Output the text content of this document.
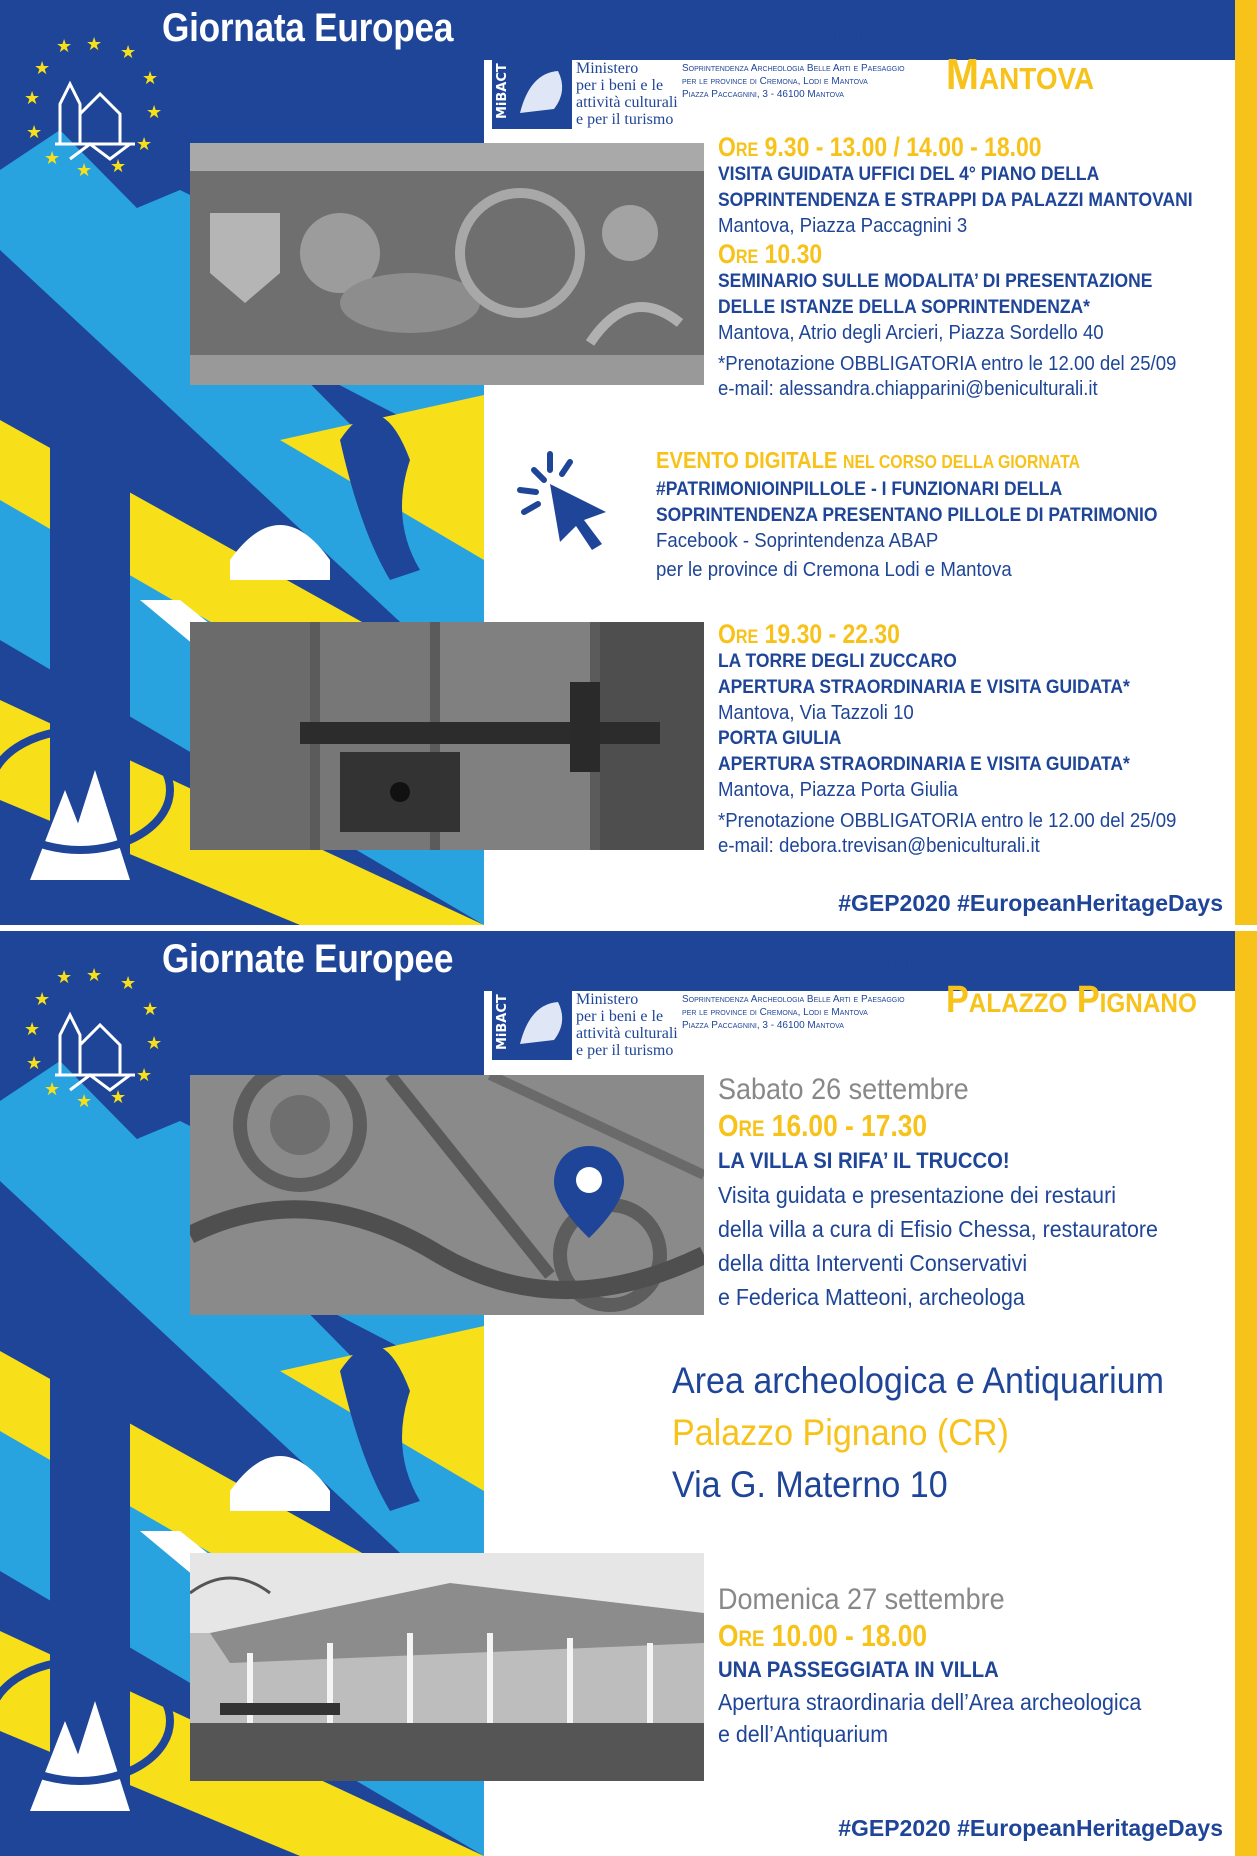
★ ★
★
★
★
★
★
★
★
★
★
★ Giornata Europeadel Patrimonio 26 settembre 2020
Mantova
MiBACT	Ministero
per i beni e le
attività culturali
e per il turismo
Soprintendenza Archeologia Belle Arti e Paesaggio
per le province di Cremona, Lodi e Mantova
Piazza Paccagnini, 3 - 46100 Mantova
Ore 9.30 - 13.00 / 14.00 - 18.00
VISITA GUIDATA UFFICI DEL 4° PIANO DELLA
SOPRINTENDENZA E STRAPPI DA PALAZZI MANTOVANI
Mantova, Piazza Paccagnini 3
Ore 10.30
SEMINARIO SULLE MODALITA’ DI PRESENTAZIONE
DELLE ISTANZE DELLA SOPRINTENDENZA*
Mantova, Atrio degli Arcieri, Piazza Sordello 40
*Prenotazione OBBLIGATORIA entro le 12.00 del 25/09
e-mail: alessandra.chiapparini@beniculturali.it
EVENTO DIGITALE NEL CORSO DELLA GIORNATA
#PATRIMONIOINPILLOLE - I FUNZIONARI DELLA
SOPRINTENDENZA PRESENTANO PILLOLE DI PATRIMONIO
Facebook - Soprintendenza ABAP
per le province di Cremona Lodi e Mantova
Ore 19.30 - 22.30
LA TORRE DEGLI ZUCCARO
APERTURA STRAORDINARIA E VISITA GUIDATA*
Mantova, Via Tazzoli 10
PORTA GIULIA
APERTURA STRAORDINARIA E VISITA GUIDATA*
Mantova, Piazza Porta Giulia
*Prenotazione OBBLIGATORIA entro le 12.00 del 25/09
e-mail: debora.trevisan@beniculturali.it
#GEP2020 #EuropeanHeritageDays
★ ★
★
★
★
★
★
★
★
★
★
★ Giornate Europeedel Patrimonio 26-27 settembre 2020
Palazzo Pignano
MiBACT	Ministero
per i beni e le
attività culturali
e per il turismo
Soprintendenza Archeologia Belle Arti e Paesaggio
per le province di Cremona, Lodi e Mantova
Piazza Paccagnini, 3 - 46100 Mantova
Sabato 26 settembre
Ore 16.00 - 17.30
LA VILLA SI RIFA’ IL TRUCCO!
Visita guidata e presentazione dei restauri
della villa a cura di Efisio Chessa, restauratore
della ditta Interventi Conservativi
e Federica Matteoni, archeologa
Area archeologica e Antiquarium
Palazzo Pignano (CR)
Via G. Materno 10
Domenica 27 settembre
Ore 10.00 - 18.00
UNA PASSEGGIATA IN VILLA
Apertura straordinaria dell’Area archeologica
e dell’Antiquarium
#GEP2020 #EuropeanHeritageDays
